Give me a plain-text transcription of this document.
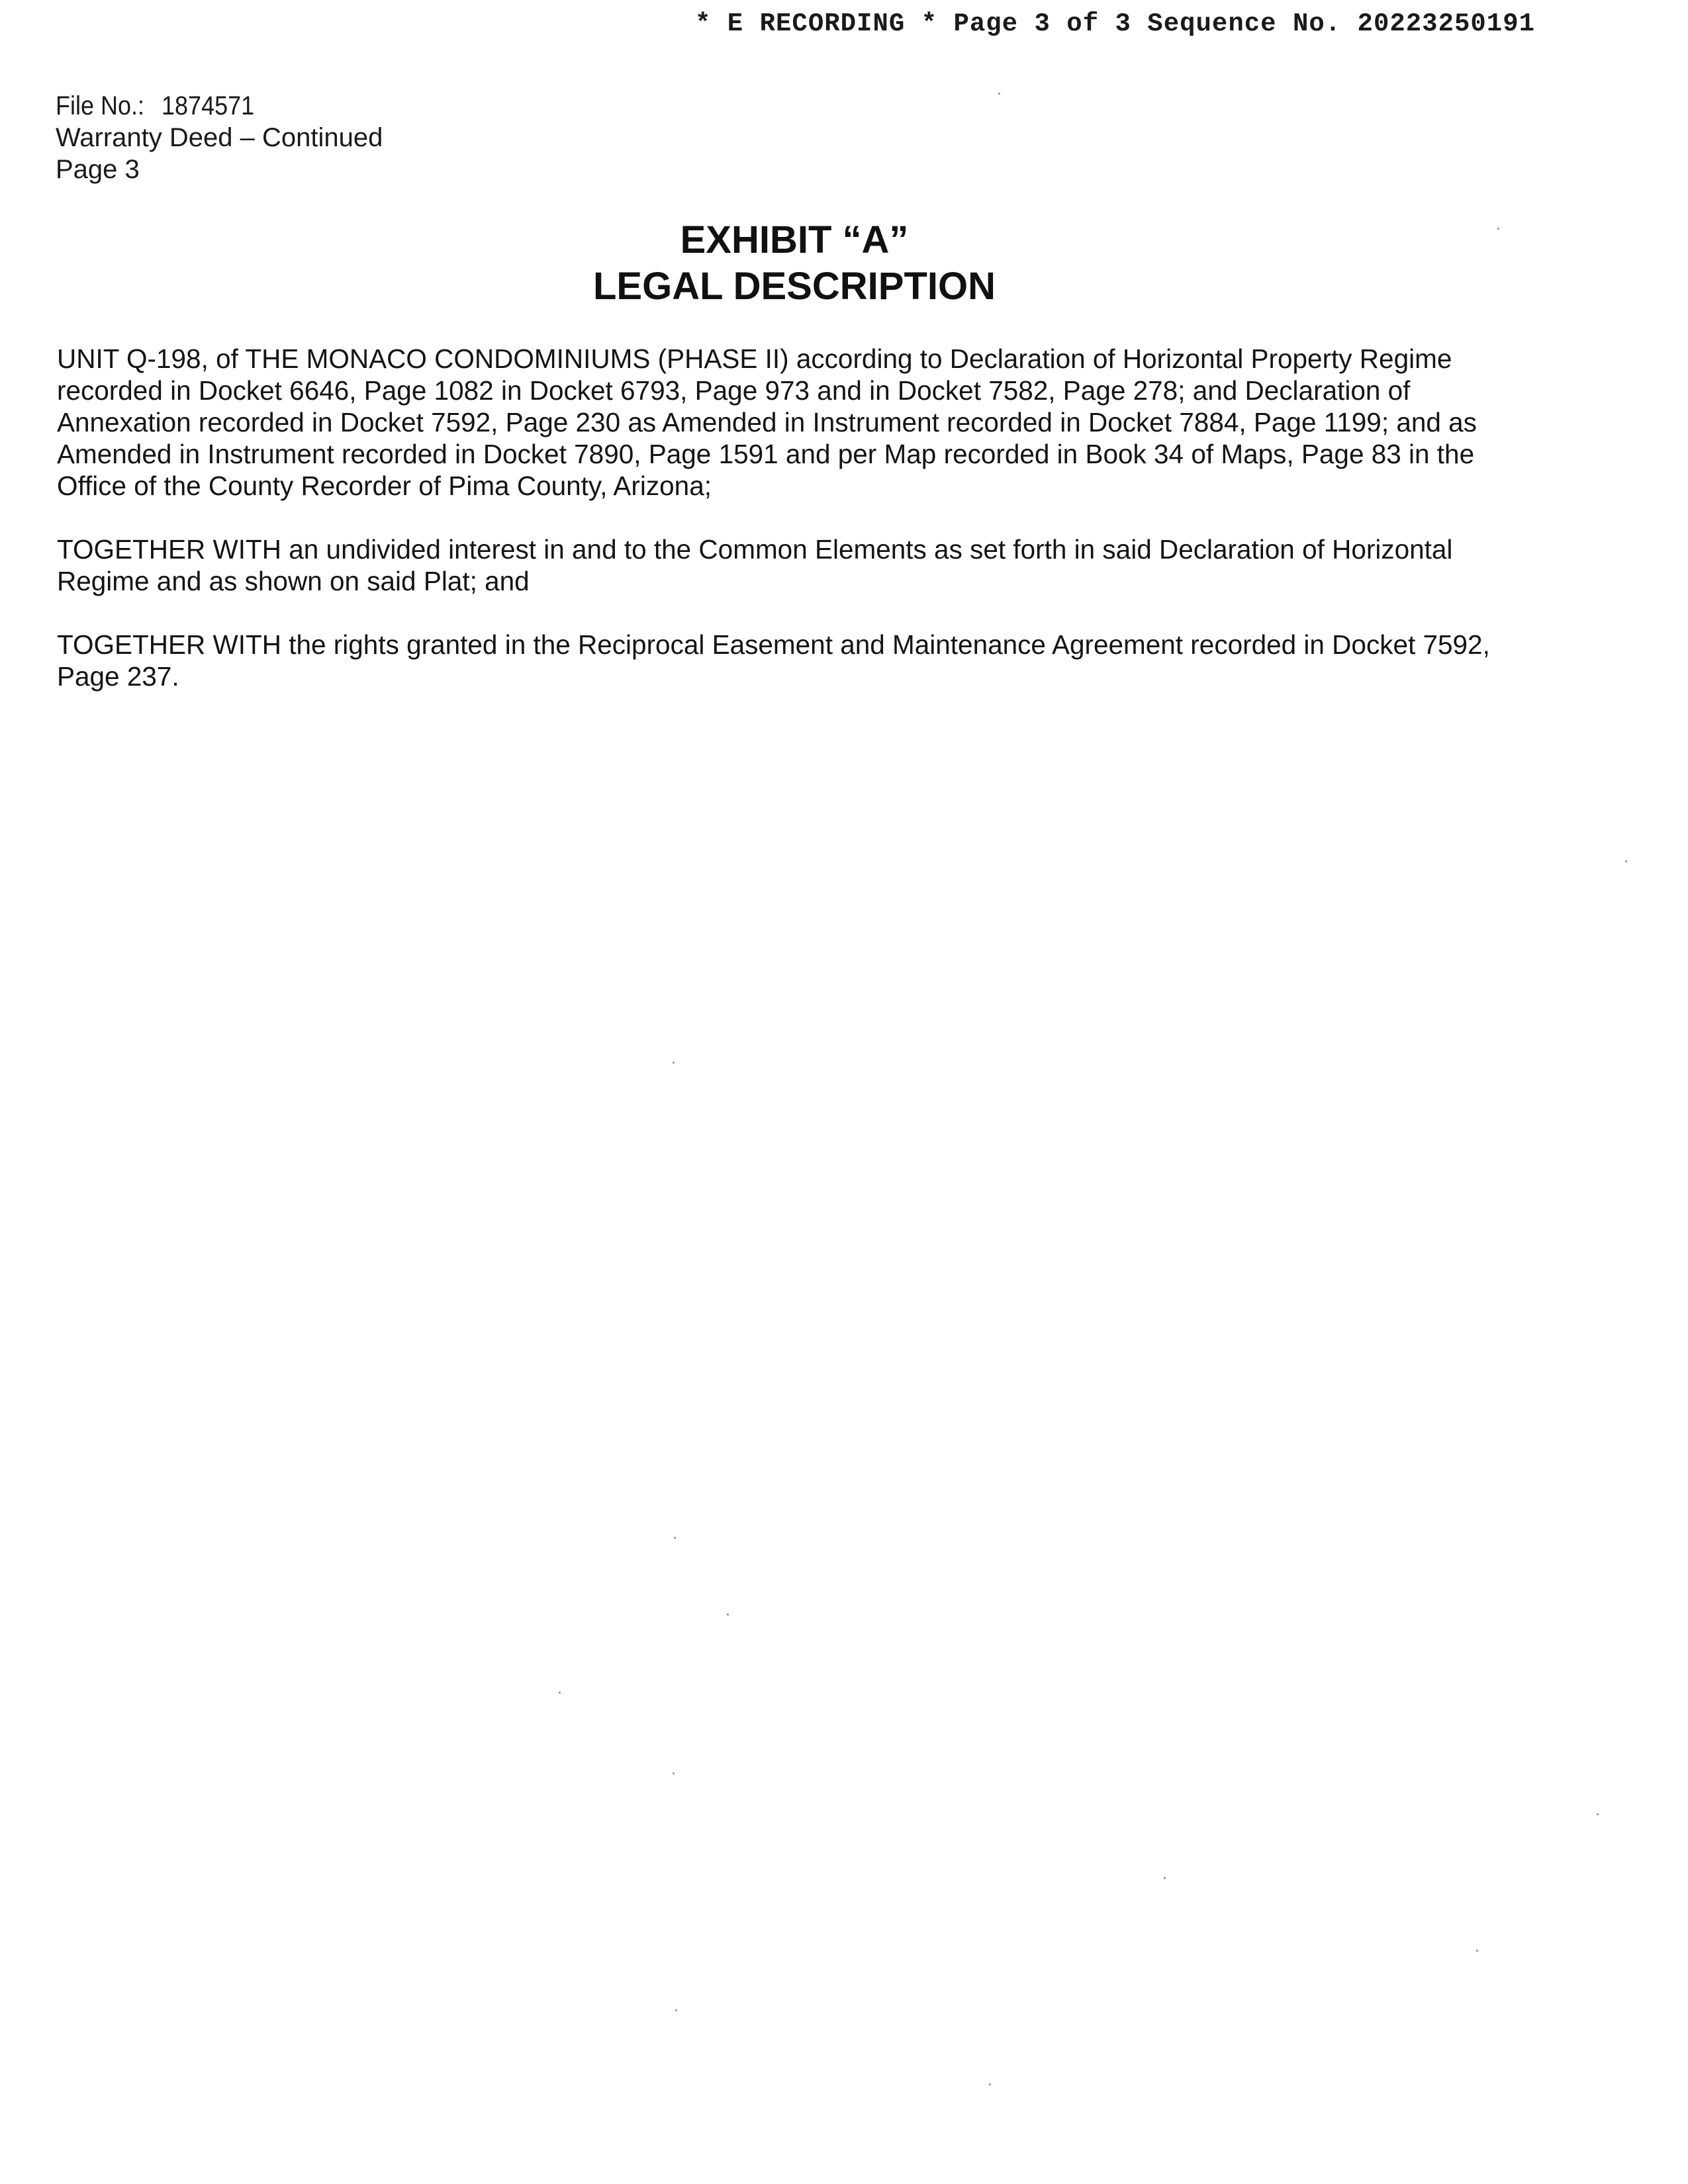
* E RECORDING * Page 3 of 3 Sequence No. 20223250191
File No.: 1874571
Warranty Deed – Continued
Page 3
EXHIBIT “A”
LEGAL DESCRIPTION

UNIT Q-198, of THE MONACO CONDOMINIUMS (PHASE II) according to Declaration of Horizontal Property Regime recorded in Docket 6646, Page 1082 in Docket 6793, Page 973 and in Docket 7582, Page 278; and Declaration of Annexation recorded in Docket 7592, Page 230 as Amended in Instrument recorded in Docket 7884, Page 1199; and as Amended in Instrument recorded in Docket 7890, Page 1591 and per Map recorded in Book 34 of Maps, Page 83 in the Office of the County Recorder of Pima County, Arizona;

TOGETHER WITH an undivided interest in and to the Common Elements as set forth in said Declaration of Horizontal Regime and as shown on said Plat; and

TOGETHER WITH the rights granted in the Reciprocal Easement and Maintenance Agreement recorded in Docket 7592, Page 237.
